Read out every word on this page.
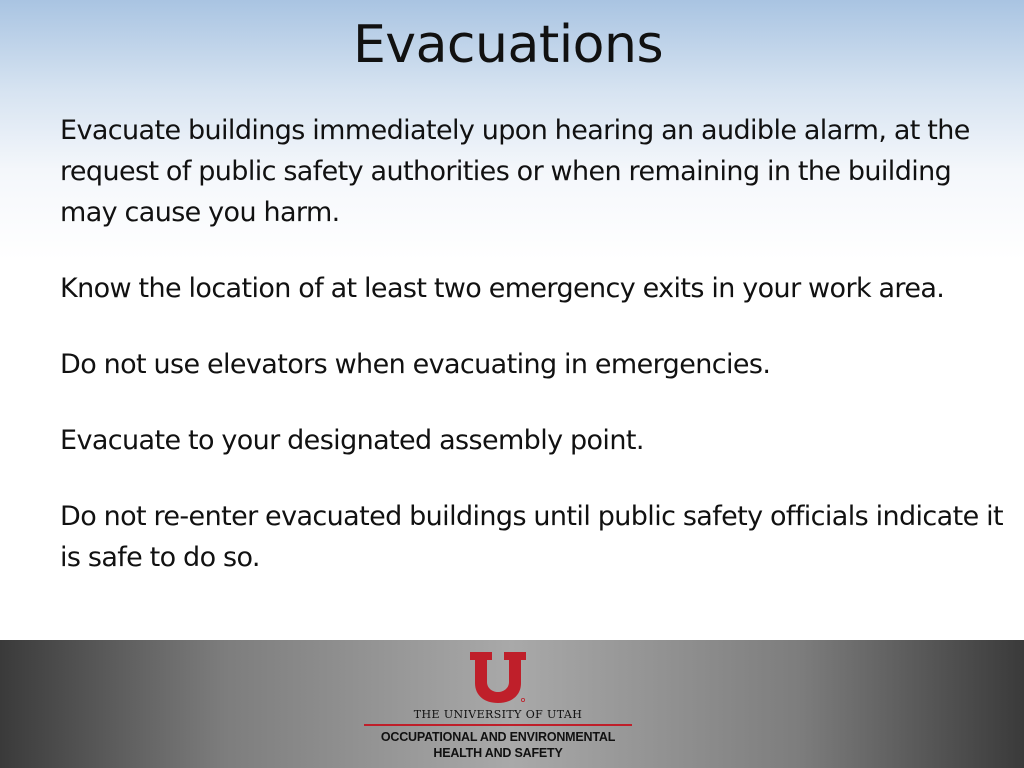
Evacuations

Evacuate buildings immediately upon hearing an audible alarm, at the request of public safety authorities or when remaining in the building may cause you harm.

Know the location of at least two emergency exits in your work area.

Do not use elevators when evacuating in emergencies.

Evacuate to your designated assembly point.

Do not re-enter evacuated buildings until public safety officials indicate it is safe to do so.

THE UNIVERSITY OF UTAH
OCCUPATIONAL AND ENVIRONMENTAL
HEALTH AND SAFETY
